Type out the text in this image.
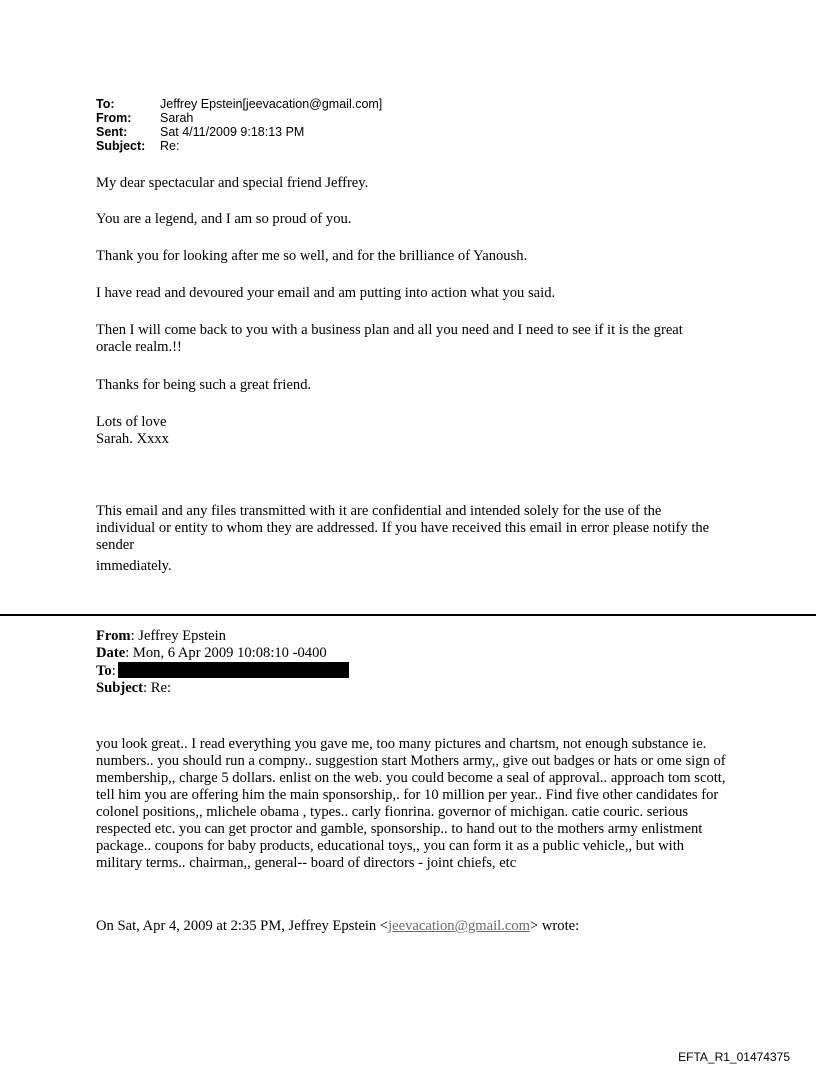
To:	Jeffrey Epstein[jeevacation@gmail.com]
From:	Sarah
Sent:	Sat 4/11/2009 9:18:13 PM
Subject:	Re:

My dear spectacular and special friend Jeffrey.

You are a legend, and I am so proud of you.

Thank you for looking after me so well, and for the brilliance of Yanoush.

I have read and devoured your email and am putting into action what you said.

Then I will come back to you with a business plan and all you need and I need to see if it is the great oracle realm.!!

Thanks for being such a great friend.

Lots of love

Sarah. Xxxx

This email and any files transmitted with it are confidential and intended solely for the use of the individual or entity to whom they are addressed. If you have received this email in error please notify the sender

immediately.

From: Jeffrey Epstein
Date: Mon, 6 Apr 2009 10:08:10 -0400
To:
Subject: Re:

you look great.. I read everything you gave me, too many pictures and chartsm, not enough substance ie. numbers.. you should run a compny.. suggestion start Mothers army,, give out badges or hats or ome sign of membership,, charge 5 dollars. enlist on the web. you could become a seal of approval.. approach tom scott, tell him you are offering him the main sponsorship,. for 10 million per year.. Find five other candidates for colonel positions,, mlichele obama , types.. carly fionrina. governor of michigan. catie couric. serious respected etc. you can get proctor and gamble, sponsorship.. to hand out to the mothers army enlistment package.. coupons for baby products, educational toys,, you can form it as a public vehicle,, but with military terms.. chairman,, general-- board of directors - joint chiefs, etc

On Sat, Apr 4, 2009 at 2:35 PM, Jeffrey Epstein <jeevacation@gmail.com> wrote:

EFTA_R1_01474375
